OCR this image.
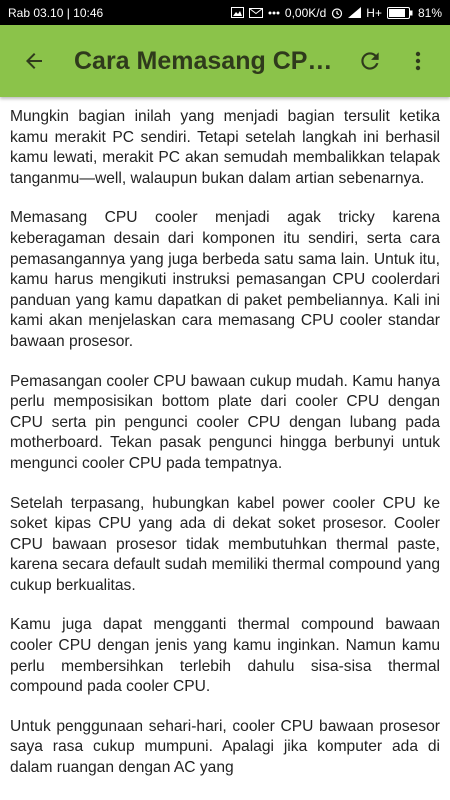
Rab 03.10 | 10:46	0,00K/d	H+	81%
Cara Memasang CP…

Mungkin bagian inilah yang menjadi bagian tersulit ketika kamu merakit PC sendiri. Tetapi setelah langkah ini berhasil kamu lewati, merakit PC akan semudah membalikkan telapak tanganmu—well, walaupun bukan dalam artian sebenarnya.

Memasang CPU cooler menjadi agak tricky karena keberagaman desain dari komponen itu sendiri, serta cara pemasangannya yang juga berbeda satu sama lain. Untuk itu, kamu harus mengikuti instruksi pemasangan CPU coolerdari panduan yang kamu dapatkan di paket pembeliannya. Kali ini kami akan menjelaskan cara memasang CPU cooler standar bawaan prosesor.

Pemasangan cooler CPU bawaan cukup mudah. Kamu hanya perlu memposisikan bottom plate dari cooler CPU dengan CPU serta pin pengunci cooler CPU dengan lubang pada motherboard. Tekan pasak pengunci hingga berbunyi untuk mengunci cooler CPU pada tempatnya.

Setelah terpasang, hubungkan kabel power cooler CPU ke soket kipas CPU yang ada di dekat soket prosesor. Cooler CPU bawaan prosesor tidak membutuhkan thermal paste, karena secara default sudah memiliki thermal compound yang cukup berkualitas.

Kamu juga dapat mengganti thermal compound bawaan cooler CPU dengan jenis yang kamu inginkan. Namun kamu perlu membersihkan terlebih dahulu sisa-sisa thermal compound pada cooler CPU.

Untuk penggunaan sehari-hari, cooler CPU bawaan prosesor saya rasa cukup mumpuni. Apalagi jika komputer ada di dalam ruangan dengan AC yang
